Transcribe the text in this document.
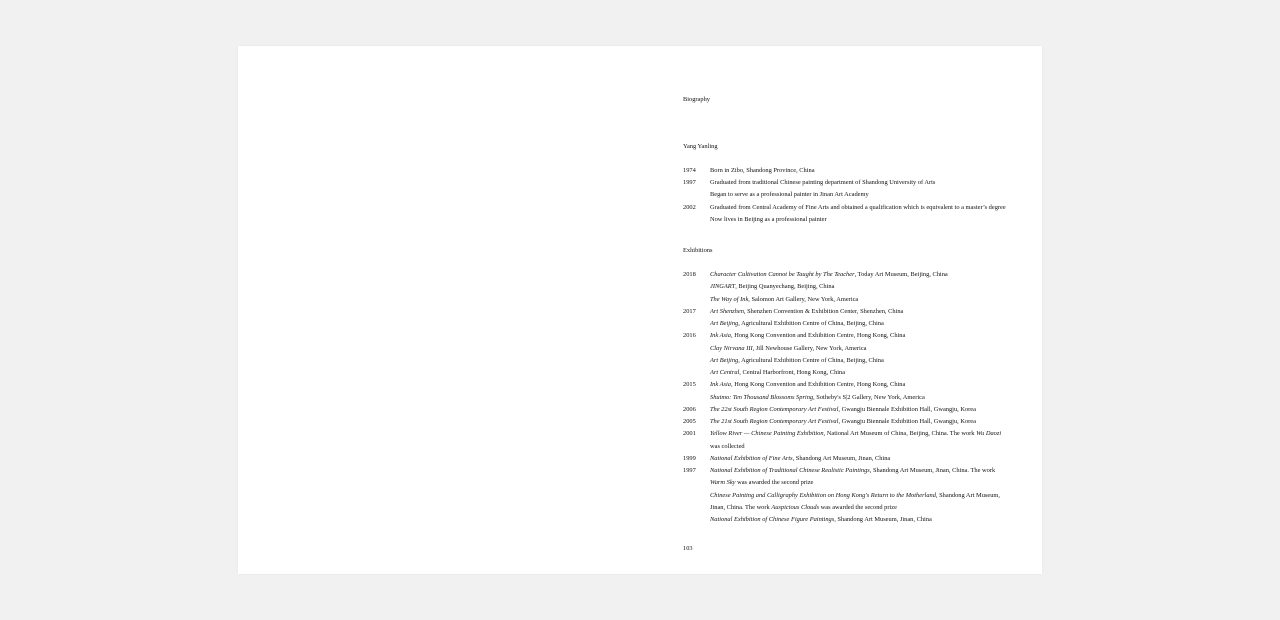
Biography
Yang Yanling
Exhibitions
103
1974	Born in Zibo, Shandong Province, China
1997	Graduated from traditional Chinese painting department of Shandong University of Arts
Began to serve as a professional painter in Jinan Art Academy
2002	Graduated from Central Academy of Fine Arts and obtained a qualification which is equivalent to a master’s degree
Now lives in Beijing as a professional painter
2018	Character Cultivation Cannot be Taught by The Teacher, Today Art Museum, Beijing, China
JINGART, Beijing Quanyechang, Beijing, China
The Way of Ink, Salomon Art Gallery, New York, America
2017	Art Shenzhen, Shenzhen Convention & Exhibition Center, Shenzhen, China
Art Beijing, Agricultural Exhibition Centre of China, Beijing, China
2016	Ink Asia, Hong Kong Convention and Exhibition Centre, Hong Kong, China
Clay Nirvana III, Jill Newhouse Gallery, New York, America
Art Beijing, Agricultural Exhibition Centre of China, Beijing, China
Art Central, Central Harborfront, Hong Kong, China
2015	Ink Asia, Hong Kong Convention and Exhibition Centre, Hong Kong, China
Shuimo: Ten Thousand Blossoms Spring, Sotheby's S|2 Gallery, New York, America
2006	The 22st South Region Contemporary Art Festival, Gwangju Biennale Exhibition Hall, Gwangju, Korea
2005	The 21st South Region Contemporary Art Festival, Gwangju Biennale Exhibition Hall, Gwangju, Korea
2001	Yellow River — Chinese Painting Exhibition, National Art Museum of China, Beijing, China. The work Wu Daozi
was collected
1999	National Exhibition of Fine Arts, Shandong Art Museum, Jinan, China
1997	National Exhibition of Traditional Chinese Realistic Paintings, Shandong Art Museum, Jinan, China. The work
Warm Sky was awarded the second prize
Chinese Painting and Calligraphy Exhibition on Hong Kong's Return to the Motherland, Shandong Art Museum,
Jinan, China. The work Auspicious Clouds was awarded the second prize
National Exhibition of Chinese Figure Paintings, Shandong Art Museum, Jinan, China
